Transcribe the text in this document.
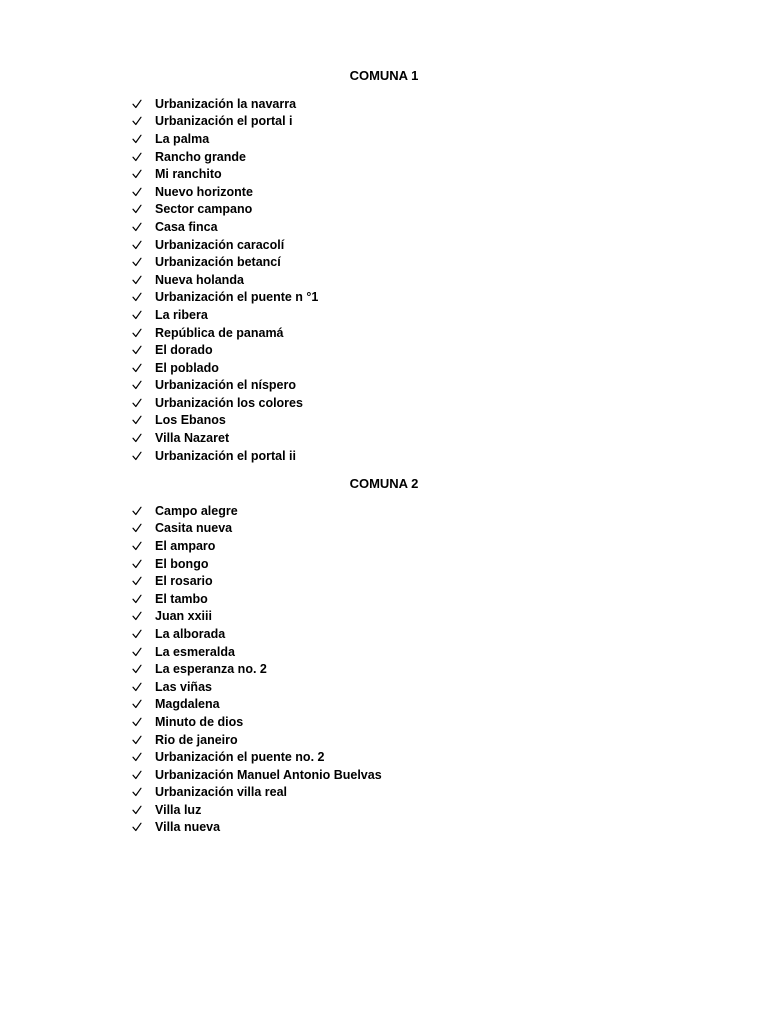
COMUNA 1
Urbanización la navarra
Urbanización el portal i
La palma
Rancho grande
Mi ranchito
Nuevo horizonte
Sector campano
Casa finca
Urbanización caracolí
Urbanización betancí
Nueva holanda
Urbanización el puente n °1
La ribera
República de panamá
El dorado
El poblado
Urbanización el níspero
Urbanización los colores
Los Ebanos
Villa Nazaret
Urbanización el portal ii
COMUNA 2
Campo alegre
Casita nueva
El amparo
El bongo
El rosario
El tambo
Juan xxiii
La alborada
La esmeralda
La esperanza no. 2
Las viñas
Magdalena
Minuto de dios
Rio de janeiro
Urbanización el puente no. 2
Urbanización Manuel Antonio Buelvas
Urbanización villa real
Villa luz
Villa nueva
